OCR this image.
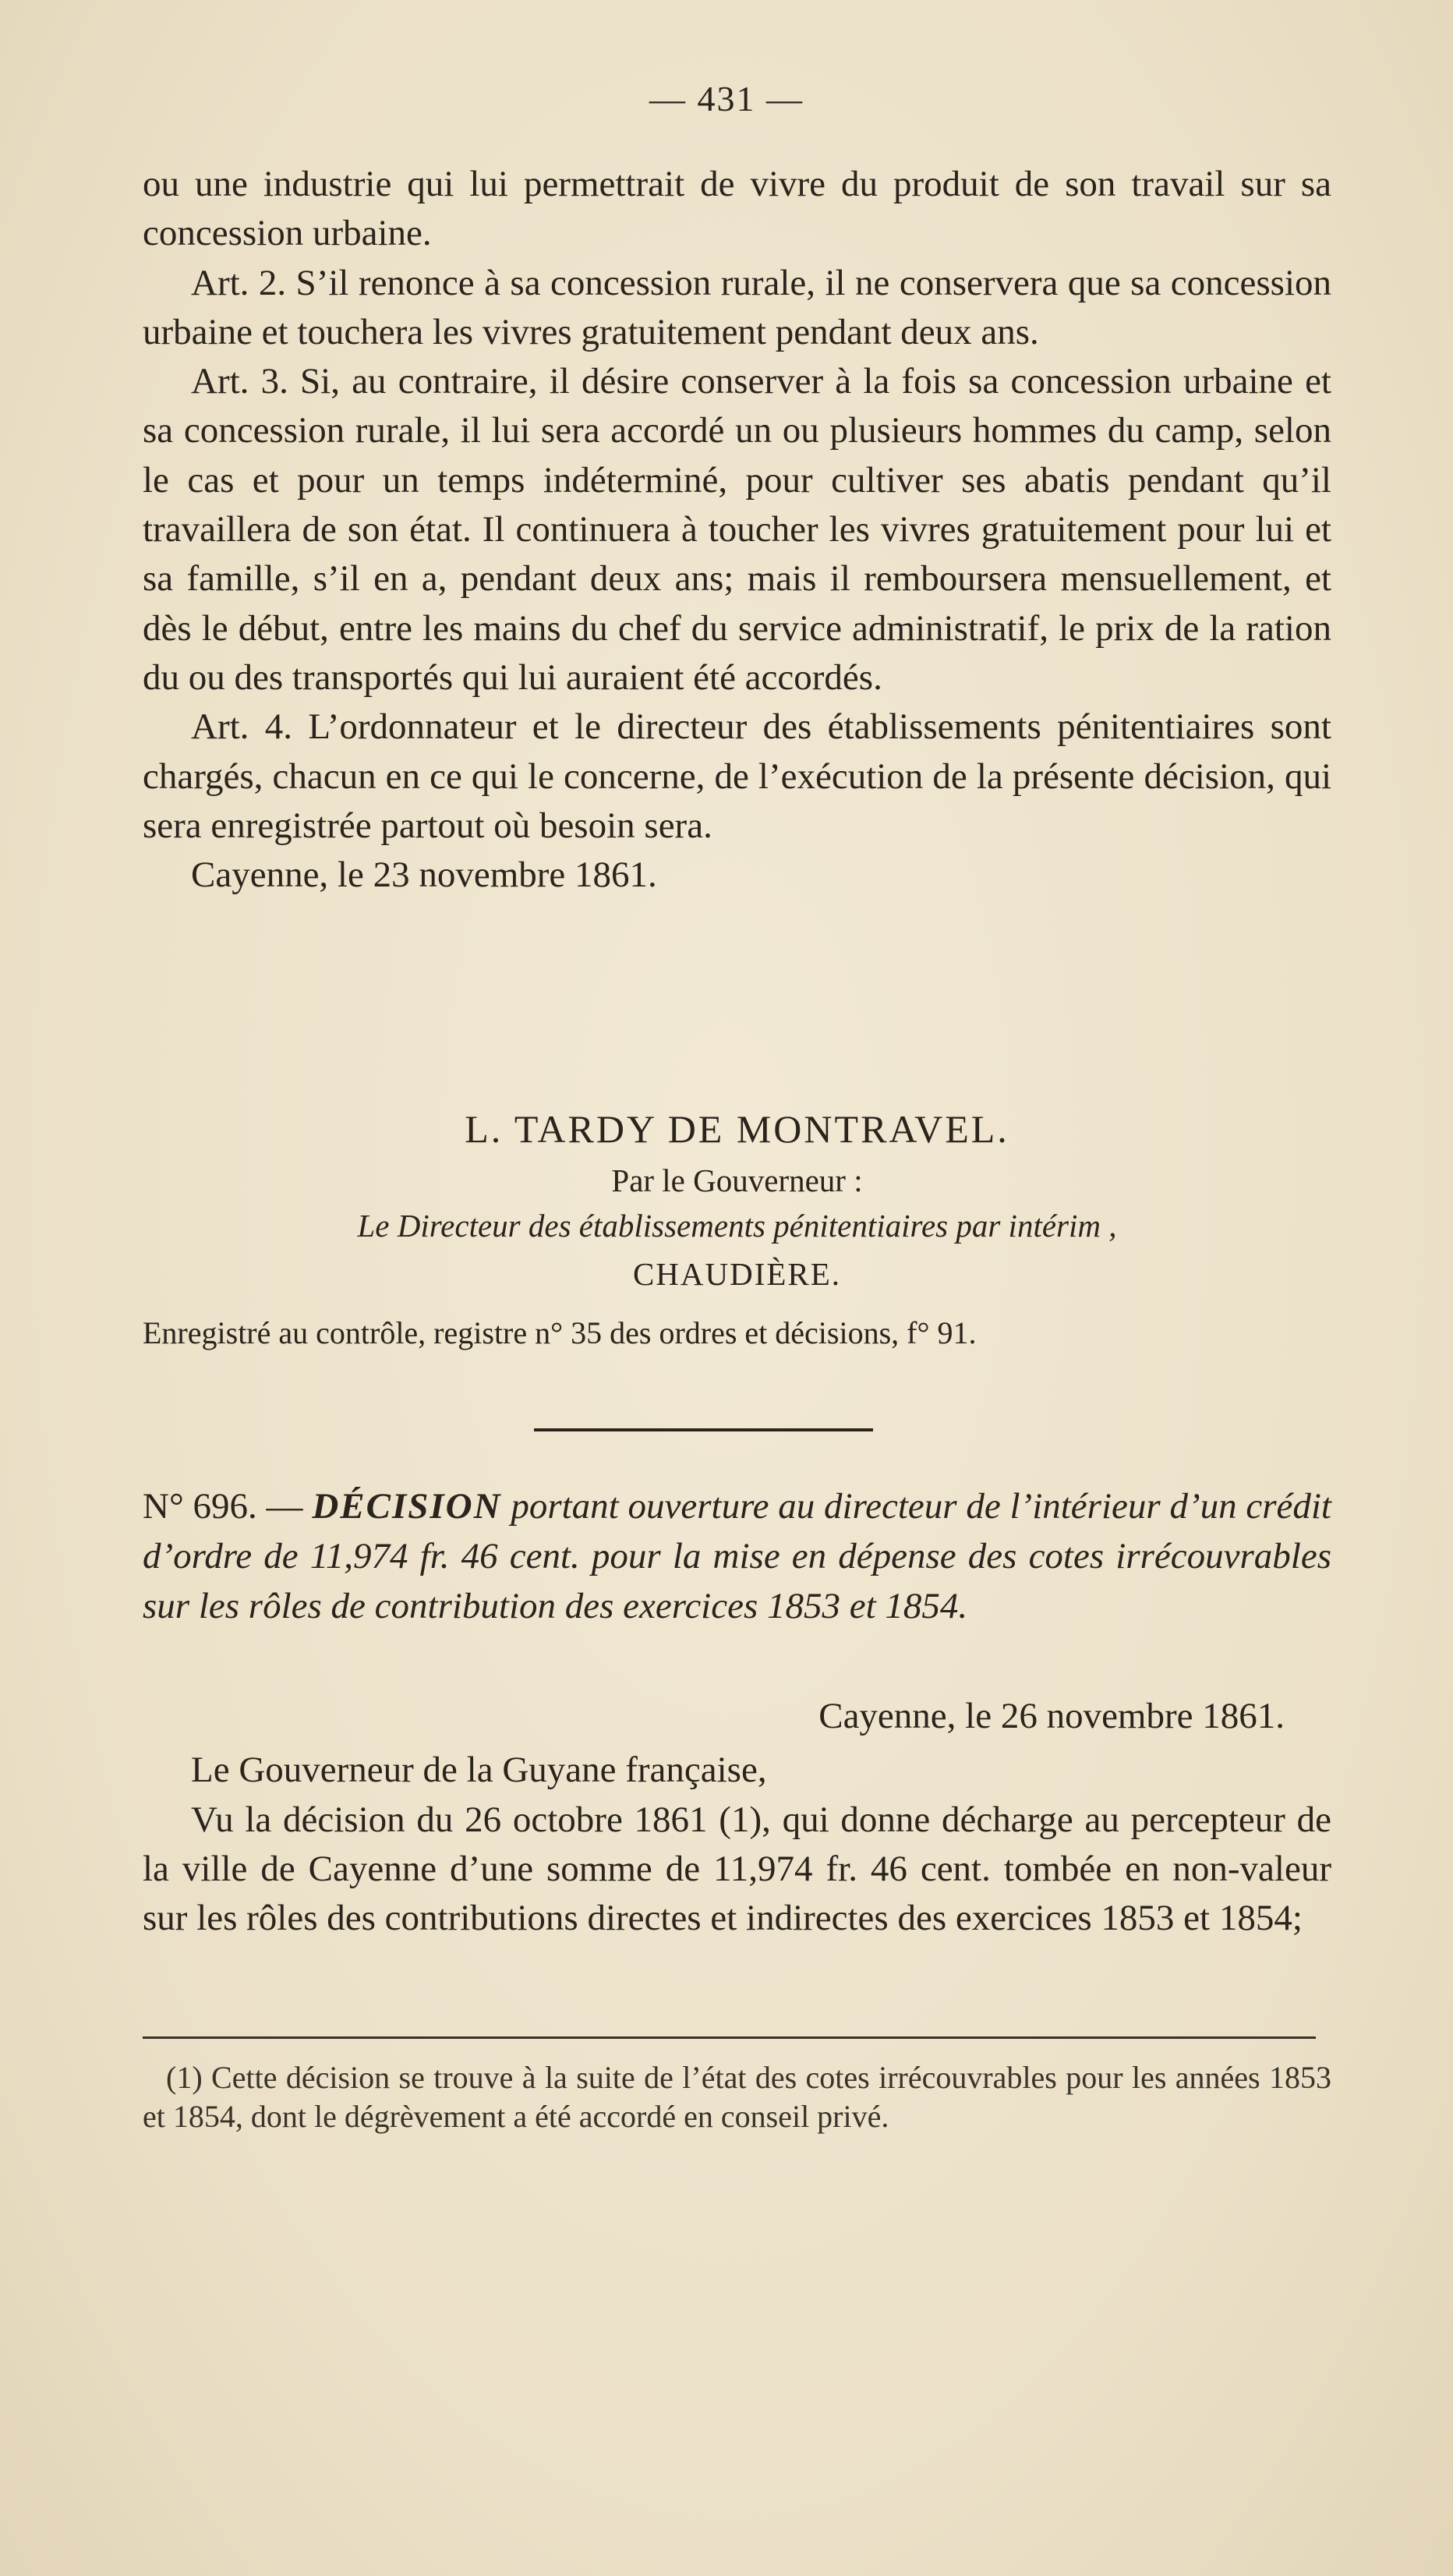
— 431 —

ou une industrie qui lui permettrait de vivre du produit de son travail sur sa concession urbaine.

Art. 2. S’il renonce à sa concession rurale, il ne conservera que sa concession urbaine et touchera les vivres gratuitement pendant deux ans.

Art. 3. Si, au contraire, il désire conserver à la fois sa concession urbaine et sa concession rurale, il lui sera accordé un ou plusieurs hommes du camp, selon le cas et pour un temps indéterminé, pour cultiver ses abatis pendant qu’il travaillera de son état. Il continuera à toucher les vivres gratuitement pour lui et sa famille, s’il en a, pendant deux ans; mais il remboursera mensuellement, et dès le début, entre les mains du chef du service administratif, le prix de la ration du ou des transportés qui lui auraient été accordés.

Art. 4. L’ordonnateur et le directeur des établissements pénitentiaires sont chargés, chacun en ce qui le concerne, de l’exécution de la présente décision, qui sera enregistrée partout où besoin sera.

Cayenne, le 23 novembre 1861.

L. TARDY DE MONTRAVEL.

Par le Gouverneur :

Le Directeur des établissements pénitentiaires par intérim ,

CHAUDIÈRE.

Enregistré au contrôle, registre n° 35 des ordres et décisions, f° 91.

N° 696. — DÉCISION portant ouverture au directeur de l’intérieur d’un crédit d’ordre de 11,974 fr. 46 cent. pour la mise en dépense des cotes irrécouvrables sur les rôles de contribution des exercices 1853 et 1854.

Cayenne, le 26 novembre 1861.

Le Gouverneur de la Guyane française,

Vu la décision du 26 octobre 1861 (1), qui donne décharge au percepteur de la ville de Cayenne d’une somme de 11,974 fr. 46 cent. tombée en non-valeur sur les rôles des contributions directes et indirectes des exercices 1853 et 1854;

(1) Cette décision se trouve à la suite de l’état des cotes irrécouvrables pour les années 1853 et 1854, dont le dégrèvement a été accordé en conseil privé.
